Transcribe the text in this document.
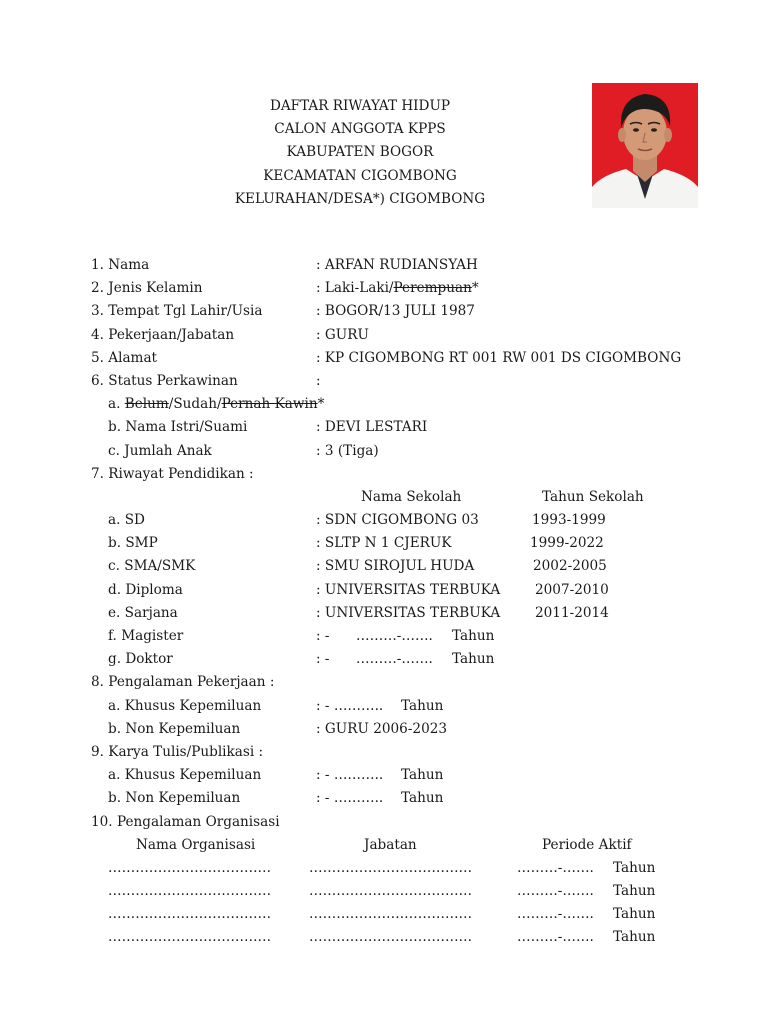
DAFTAR RIWAYAT HIDUP
CALON ANGGOTA KPPS
KABUPATEN BOGOR
KECAMATAN CIGOMBONG
KELURAHAN/DESA*) CIGOMBONG
1. Nama	: ARFAN RUDIANSYAH
2. Jenis Kelamin	: Laki-Laki/Perempuan*
3. Tempat Tgl Lahir/Usia	: BOGOR/13 JULI 1987
4. Pekerjaan/Jabatan	: GURU
5. Alamat	: KP CIGOMBONG RT 001 RW 001 DS CIGOMBONG
6. Status Perkawinan	:
a. Belum/Sudah/Pernah Kawin*
b. Nama Istri/Suami	: DEVI LESTARI
c. Jumlah Anak	: 3 (Tiga)
7. Riwayat Pendidikan :
Nama Sekolah	Tahun Sekolah
a. SD	: SDN CIGOMBONG 03	1993-1999
b. SMP	: SLTP N 1 CJERUK	1999-2022
c. SMA/SMK	: SMU SIROJUL HUDA	2002-2005
d. Diploma	: UNIVERSITAS TERBUKA	2007-2010
e. Sarjana	: UNIVERSITAS TERBUKA	2011-2014
f. Magister	: - ………-……. Tahun
g. Doktor	: - ………-……. Tahun
8. Pengalaman Pekerjaan :
a. Khusus Kepemiluan	: - ……….. Tahun
b. Non Kepemiluan	: GURU 2006-2023
9. Karya Tulis/Publikasi :
a. Khusus Kepemiluan	: - ……….. Tahun
b. Non Kepemiluan	: - ……….. Tahun
10. Pengalaman Organisasi
Nama Organisasi	Jabatan	Periode Aktif
………………………………	………………………………	………-……. Tahun
………………………………	………………………………	………-……. Tahun
………………………………	………………………………	………-……. Tahun
………………………………	………………………………	………-……. Tahun
